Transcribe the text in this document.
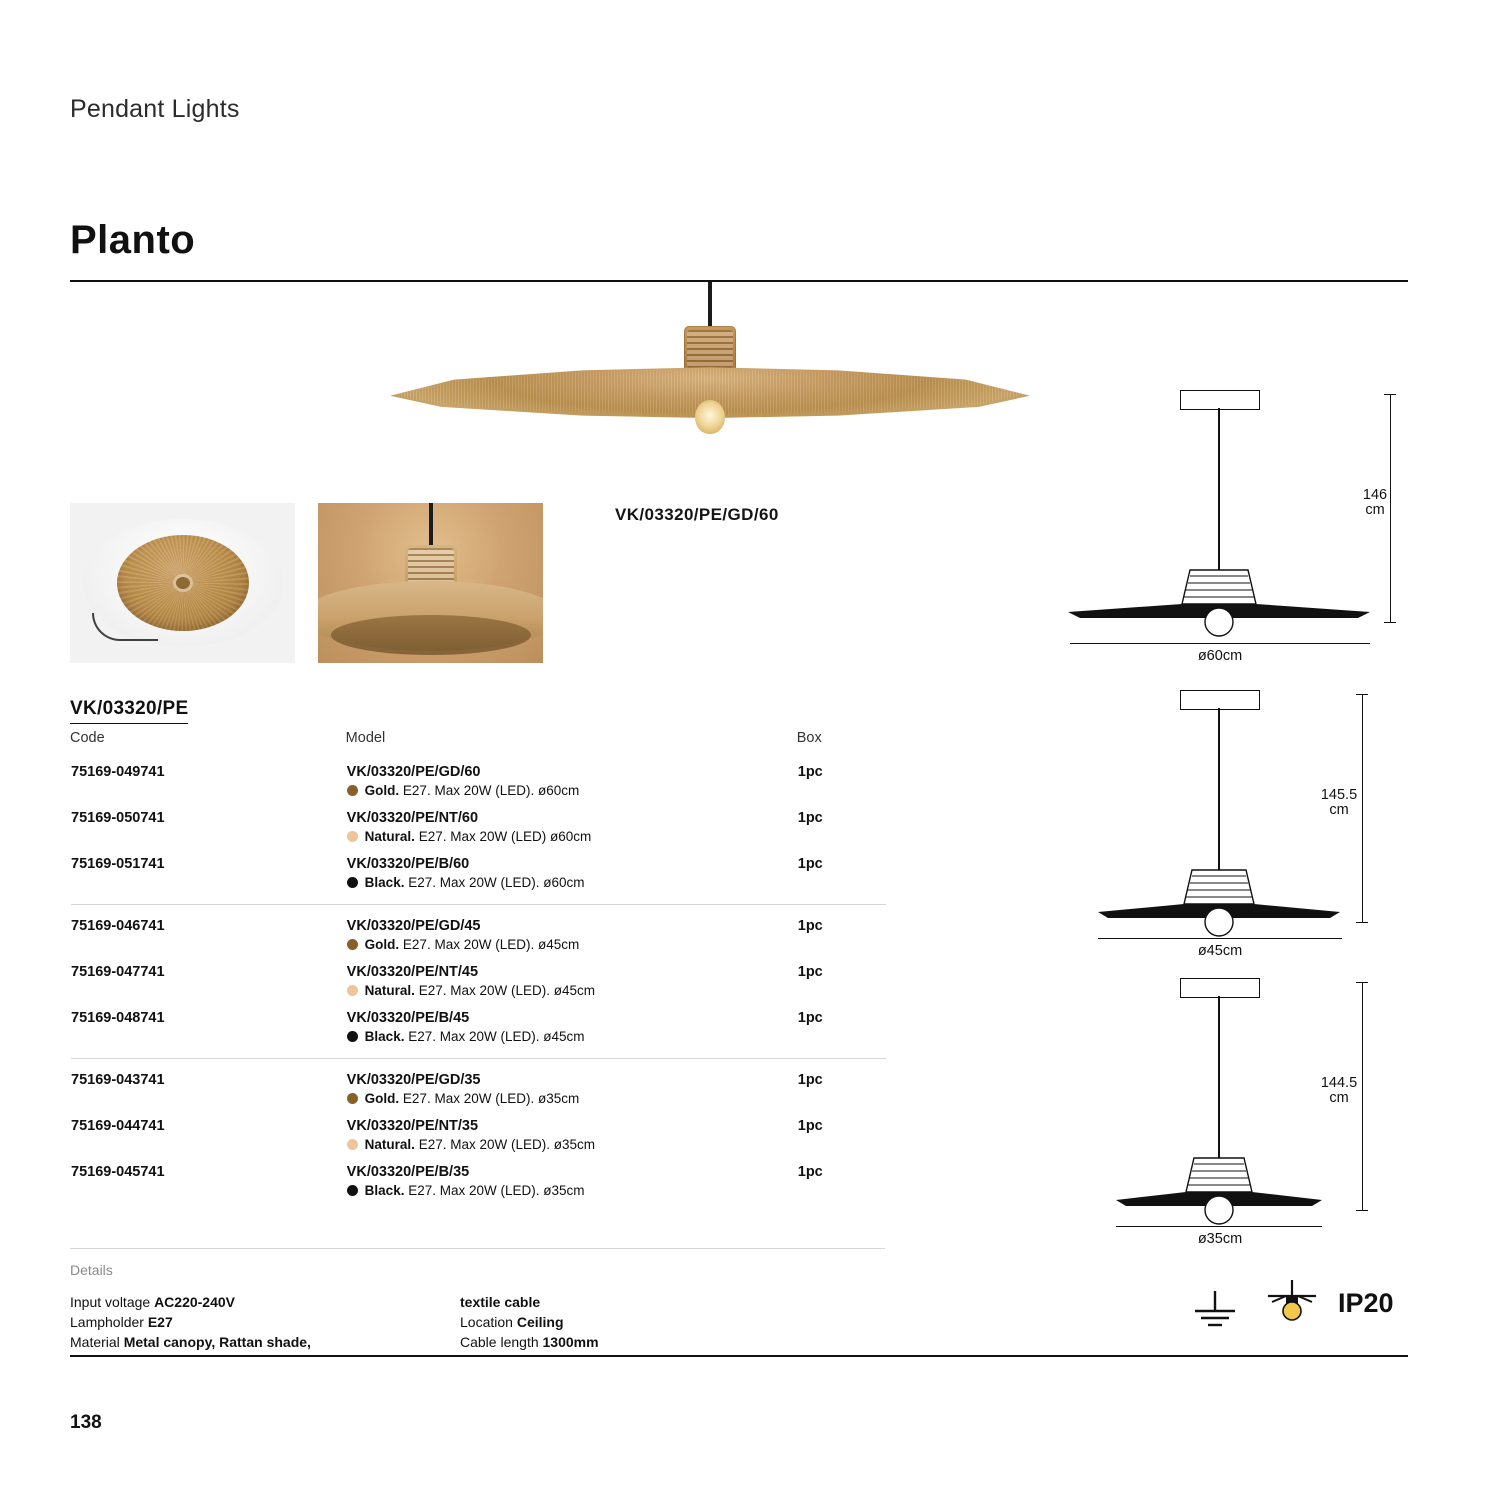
Pendant Lights
Planto
VK/03320/PE/GD/60
VK/03320/PE
Code	Model	Box
75169-049741	VK/03320/PE/GD/60	1pc
	Gold. E27. Max 20W (LED). ø60cm	
75169-050741	VK/03320/PE/NT/60	1pc
	Natural. E27. Max 20W (LED) ø60cm	
75169-051741	VK/03320/PE/B/60	1pc
	Black. E27. Max 20W (LED). ø60cm	

75169-046741	VK/03320/PE/GD/45	1pc
	Gold. E27. Max 20W (LED). ø45cm	
75169-047741	VK/03320/PE/NT/45	1pc
	Natural. E27. Max 20W (LED). ø45cm	
75169-048741	VK/03320/PE/B/45	1pc
	Black. E27. Max 20W (LED). ø45cm	

75169-043741	VK/03320/PE/GD/35	1pc
	Gold. E27. Max 20W (LED). ø35cm	
75169-044741	VK/03320/PE/NT/35	1pc
	Natural. E27. Max 20W (LED). ø35cm	
75169-045741	VK/03320/PE/B/35	1pc
	Black. E27. Max 20W (LED). ø35cm	
Details
Input voltage AC220-240V
Lampholder E27
Material Metal canopy, Rattan shade,
textile cable
Location Ceiling
Cable length 1300mm
ø60cm
146
cm
ø45cm
145.5
cm
ø35cm
144.5
cm
IP20
138
